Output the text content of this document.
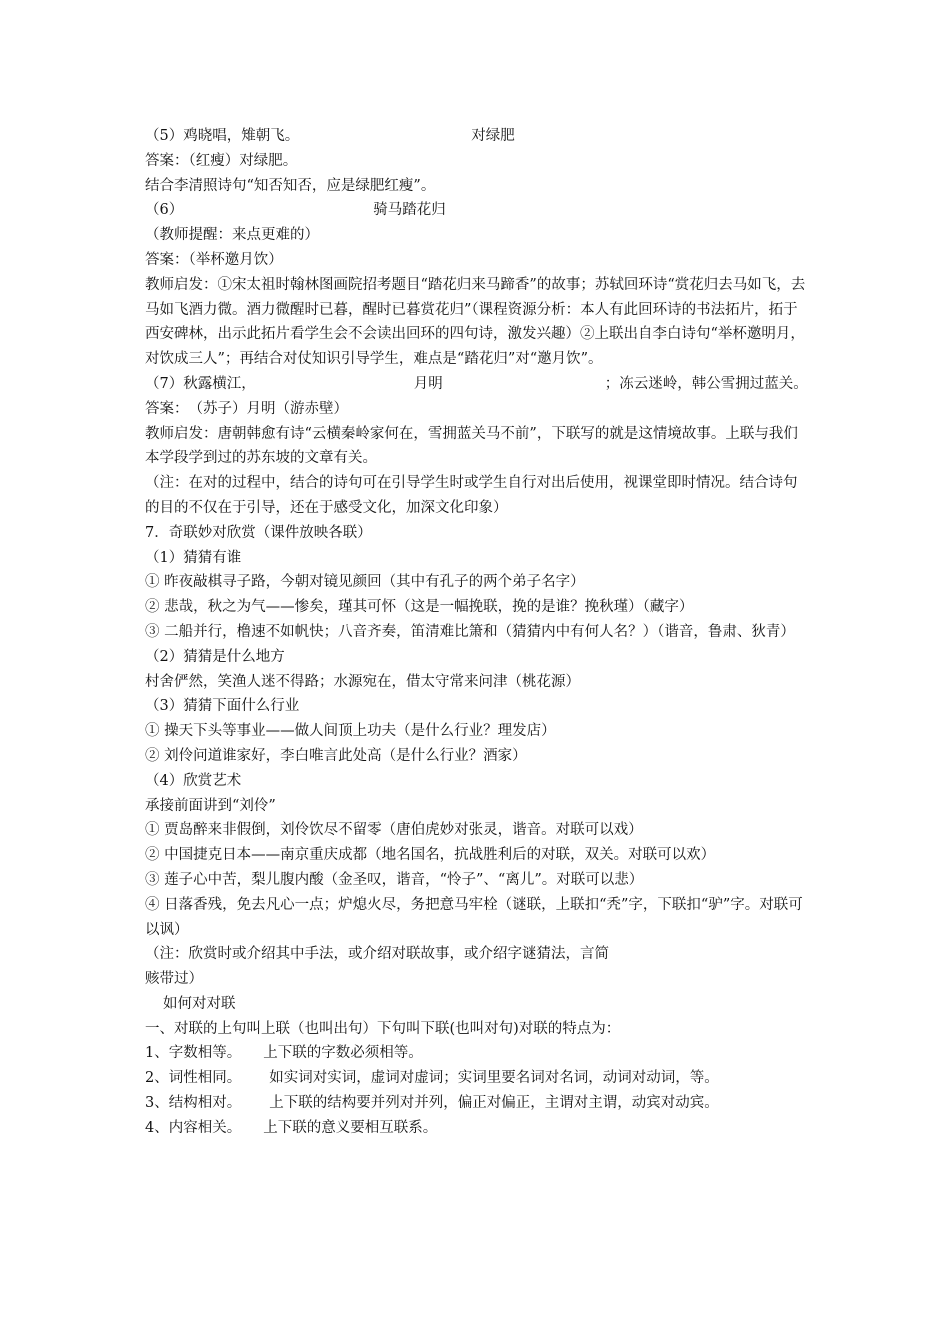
（5）鸡晓唱，雉朝飞。	对绿肥
答案：（红瘦）对绿肥。
结合李清照诗句“知否知否，应是绿肥红瘦”。
（6）	骑马踏花归
（教师提醒：来点更难的）
答案：（举杯邀月饮）
教师启发：①宋太祖时翰林图画院招考题目“踏花归来马蹄香”的故事；苏轼回环诗“赏花归去马如飞，去马如飞酒力微。酒力微醒时已暮，醒时已暮赏花归”（课程资源分析：本人有此回环诗的书法拓片，拓于西安碑林，出示此拓片看学生会不会读出回环的四句诗，激发兴趣）②上联出自李白诗句“举杯邀明月，对饮成三人”；再结合对仗知识引导学生，难点是“踏花归”对“邀月饮”。
（7）秋露横江，	月明	；冻云迷岭，韩公雪拥过蓝关。
答案：　（苏子）月明（游赤壁）
教师启发：唐朝韩愈有诗“云横秦岭家何在，雪拥蓝关马不前”，下联写的就是这情境故事。上联与我们本学段学到过的苏东坡的文章有关。
（注：在对的过程中，结合的诗句可在引导学生时或学生自行对出后使用，视课堂即时情况。结合诗句的目的不仅在于引导，还在于感受文化，加深文化印象）
7．奇联妙对欣赏（课件放映各联）
（1）猜猜有谁
① 昨夜敲棋寻子路，今朝对镜见颜回（其中有孔子的两个弟子名字）
② 悲哉，秋之为气——惨矣，瑾其可怀（这是一幅挽联，挽的是谁？挽秋瑾）（藏字）
③ 二船并行，橹速不如帆快；八音齐奏，笛清难比箫和（猜猜内中有何人名？）（谐音，鲁肃、狄青）
（2）猜猜是什么地方
村舍俨然，笑渔人迷不得路；水源宛在，借太守常来问津（桃花源）
（3）猜猜下面什么行业
① 操天下头等事业——做人间顶上功夫（是什么行业？理发店）
② 刘伶问道谁家好，李白唯言此处高（是什么行业？酒家）
（4）欣赏艺术
承接前面讲到“刘伶”
① 贾岛醉来非假倒，刘伶饮尽不留零（唐伯虎妙对张灵，谐音。对联可以戏）
② 中国捷克日本——南京重庆成都（地名国名，抗战胜利后的对联，双关。对联可以欢）
③ 莲子心中苦，梨儿腹内酸（金圣叹，谐音，“怜子”、“离儿”。对联可以悲）
④ 日落香残，免去凡心一点；炉熄火尽，务把意马牢栓（谜联，上联扣“秃”字，下联扣“驴”字。对联可以讽）
（注：欣赏时或介绍其中手法，或介绍对联故事，或介绍字谜猜法，言简
赅带过）
如何对对联
一、对联的上句叫上联（也叫出句）下句叫下联(也叫对句)对联的特点为：
1、字数相等。 上下联的字数必须相等。
2、词性相同。 如实词对实词，虚词对虚词；实词里要名词对名词，动词对动词，等。
3、结构相对。 上下联的结构要并列对并列，偏正对偏正，主谓对主谓，动宾对动宾。
4、内容相关。 上下联的意义要相互联系。
